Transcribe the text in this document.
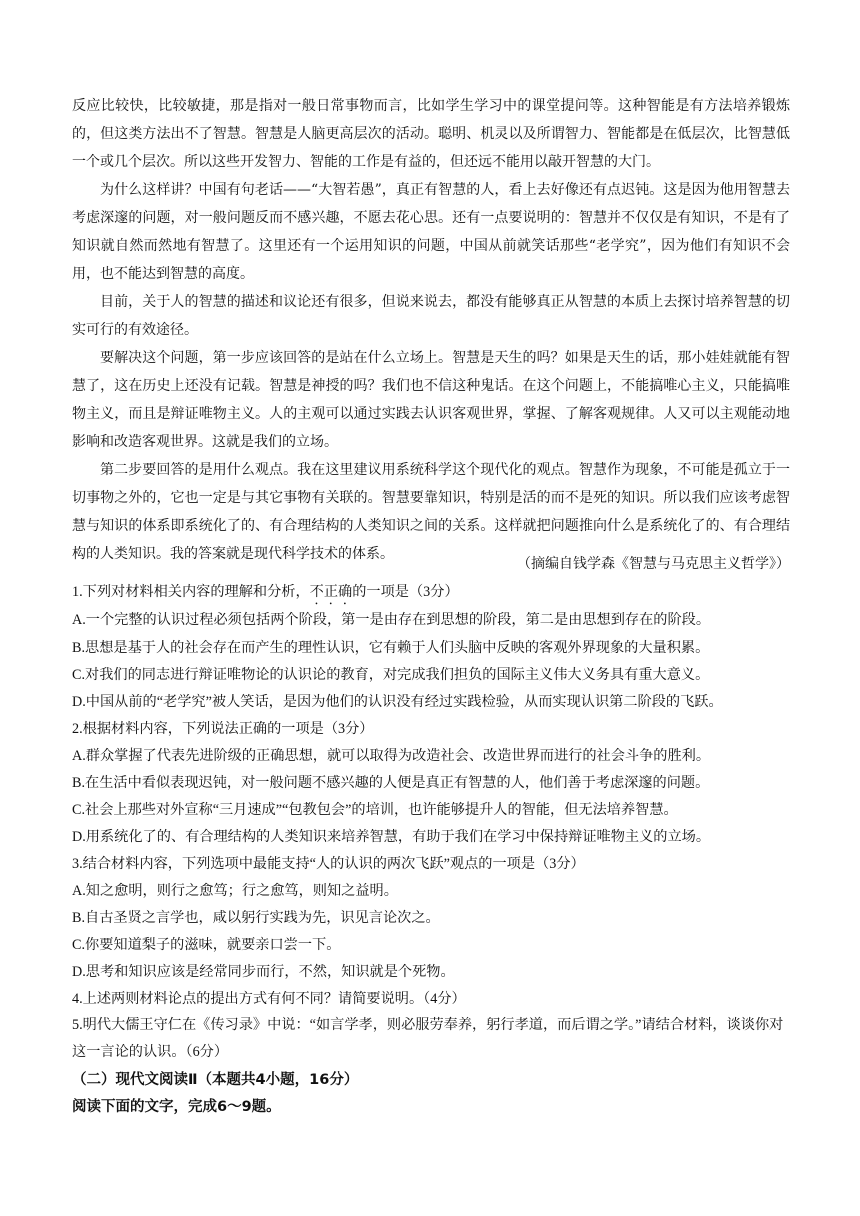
反应比较快，比较敏捷，那是指对一般日常事物而言，比如学生学习中的课堂提问等。这种智能是有方法培养锻炼的，但这类方法出不了智慧。智慧是人脑更高层次的活动。聪明、机灵以及所谓智力、智能都是在低层次，比智慧低一个或几个层次。所以这些开发智力、智能的工作是有益的，但还远不能用以敲开智慧的大门。

为什么这样讲？中国有句老话——“大智若愚”，真正有智慧的人，看上去好像还有点迟钝。这是因为他用智慧去考虑深邃的问题，对一般问题反而不感兴趣，不愿去花心思。还有一点要说明的：智慧并不仅仅是有知识，不是有了知识就自然而然地有智慧了。这里还有一个运用知识的问题，中国从前就笑话那些“老学究”，因为他们有知识不会用，也不能达到智慧的高度。

目前，关于人的智慧的描述和议论还有很多，但说来说去，都没有能够真正从智慧的本质上去探讨培养智慧的切实可行的有效途径。

要解决这个问题，第一步应该回答的是站在什么立场上。智慧是天生的吗？如果是天生的话，那小娃娃就能有智慧了，这在历史上还没有记载。智慧是神授的吗？我们也不信这种鬼话。在这个问题上，不能搞唯心主义，只能搞唯物主义，而且是辩证唯物主义。人的主观可以通过实践去认识客观世界，掌握、了解客观规律。人又可以主观能动地影响和改造客观世界。这就是我们的立场。

第二步要回答的是用什么观点。我在这里建议用系统科学这个现代化的观点。智慧作为现象，不可能是孤立于一切事物之外的，它也一定是与其它事物有关联的。智慧要靠知识，特别是活的而不是死的知识。所以我们应该考虑智慧与知识的体系即系统化了的、有合理结构的人类知识之间的关系。这样就把问题推向什么是系统化了的、有合理结构的人类知识。我的答案就是现代科学技术的体系。

（摘编自钱学森《智慧与马克思主义哲学》）

1.下列对材料相关内容的理解和分析，不正确的一项是（3分）

A.一个完整的认识过程必须包括两个阶段，第一是由存在到思想的阶段，第二是由思想到存在的阶段。

B.思想是基于人的社会存在而产生的理性认识，它有赖于人们头脑中反映的客观外界现象的大量积累。

C.对我们的同志进行辩证唯物论的认识论的教育，对完成我们担负的国际主义伟大义务具有重大意义。

D.中国从前的“老学究”被人笑话，是因为他们的认识没有经过实践检验，从而实现认识第二阶段的飞跃。

2.根据材料内容，下列说法正确的一项是（3分）

A.群众掌握了代表先进阶级的正确思想，就可以取得为改造社会、改造世界而进行的社会斗争的胜利。

B.在生活中看似表现迟钝，对一般问题不感兴趣的人便是真正有智慧的人，他们善于考虑深邃的问题。

C.社会上那些对外宣称“三月速成”“包教包会”的培训，也许能够提升人的智能，但无法培养智慧。

D.用系统化了的、有合理结构的人类知识来培养智慧，有助于我们在学习中保持辩证唯物主义的立场。

3.结合材料内容，下列选项中最能支持“人的认识的两次飞跃”观点的一项是（3分）

A.知之愈明，则行之愈笃；行之愈笃，则知之益明。

B.自古圣贤之言学也，咸以躬行实践为先，识见言论次之。

C.你要知道梨子的滋味，就要亲口尝一下。

D.思考和知识应该是经常同步而行，不然，知识就是个死物。

4.上述两则材料论点的提出方式有何不同？请简要说明。（4分）

5.明代大儒王守仁在《传习录》中说：“如言学孝，则必服劳奉养，躬行孝道，而后谓之学。”请结合材料，谈谈你对这一言论的认识。（6分）

（二）现代文阅读Ⅱ（本题共4小题，16分）

阅读下面的文字，完成6～9题。
